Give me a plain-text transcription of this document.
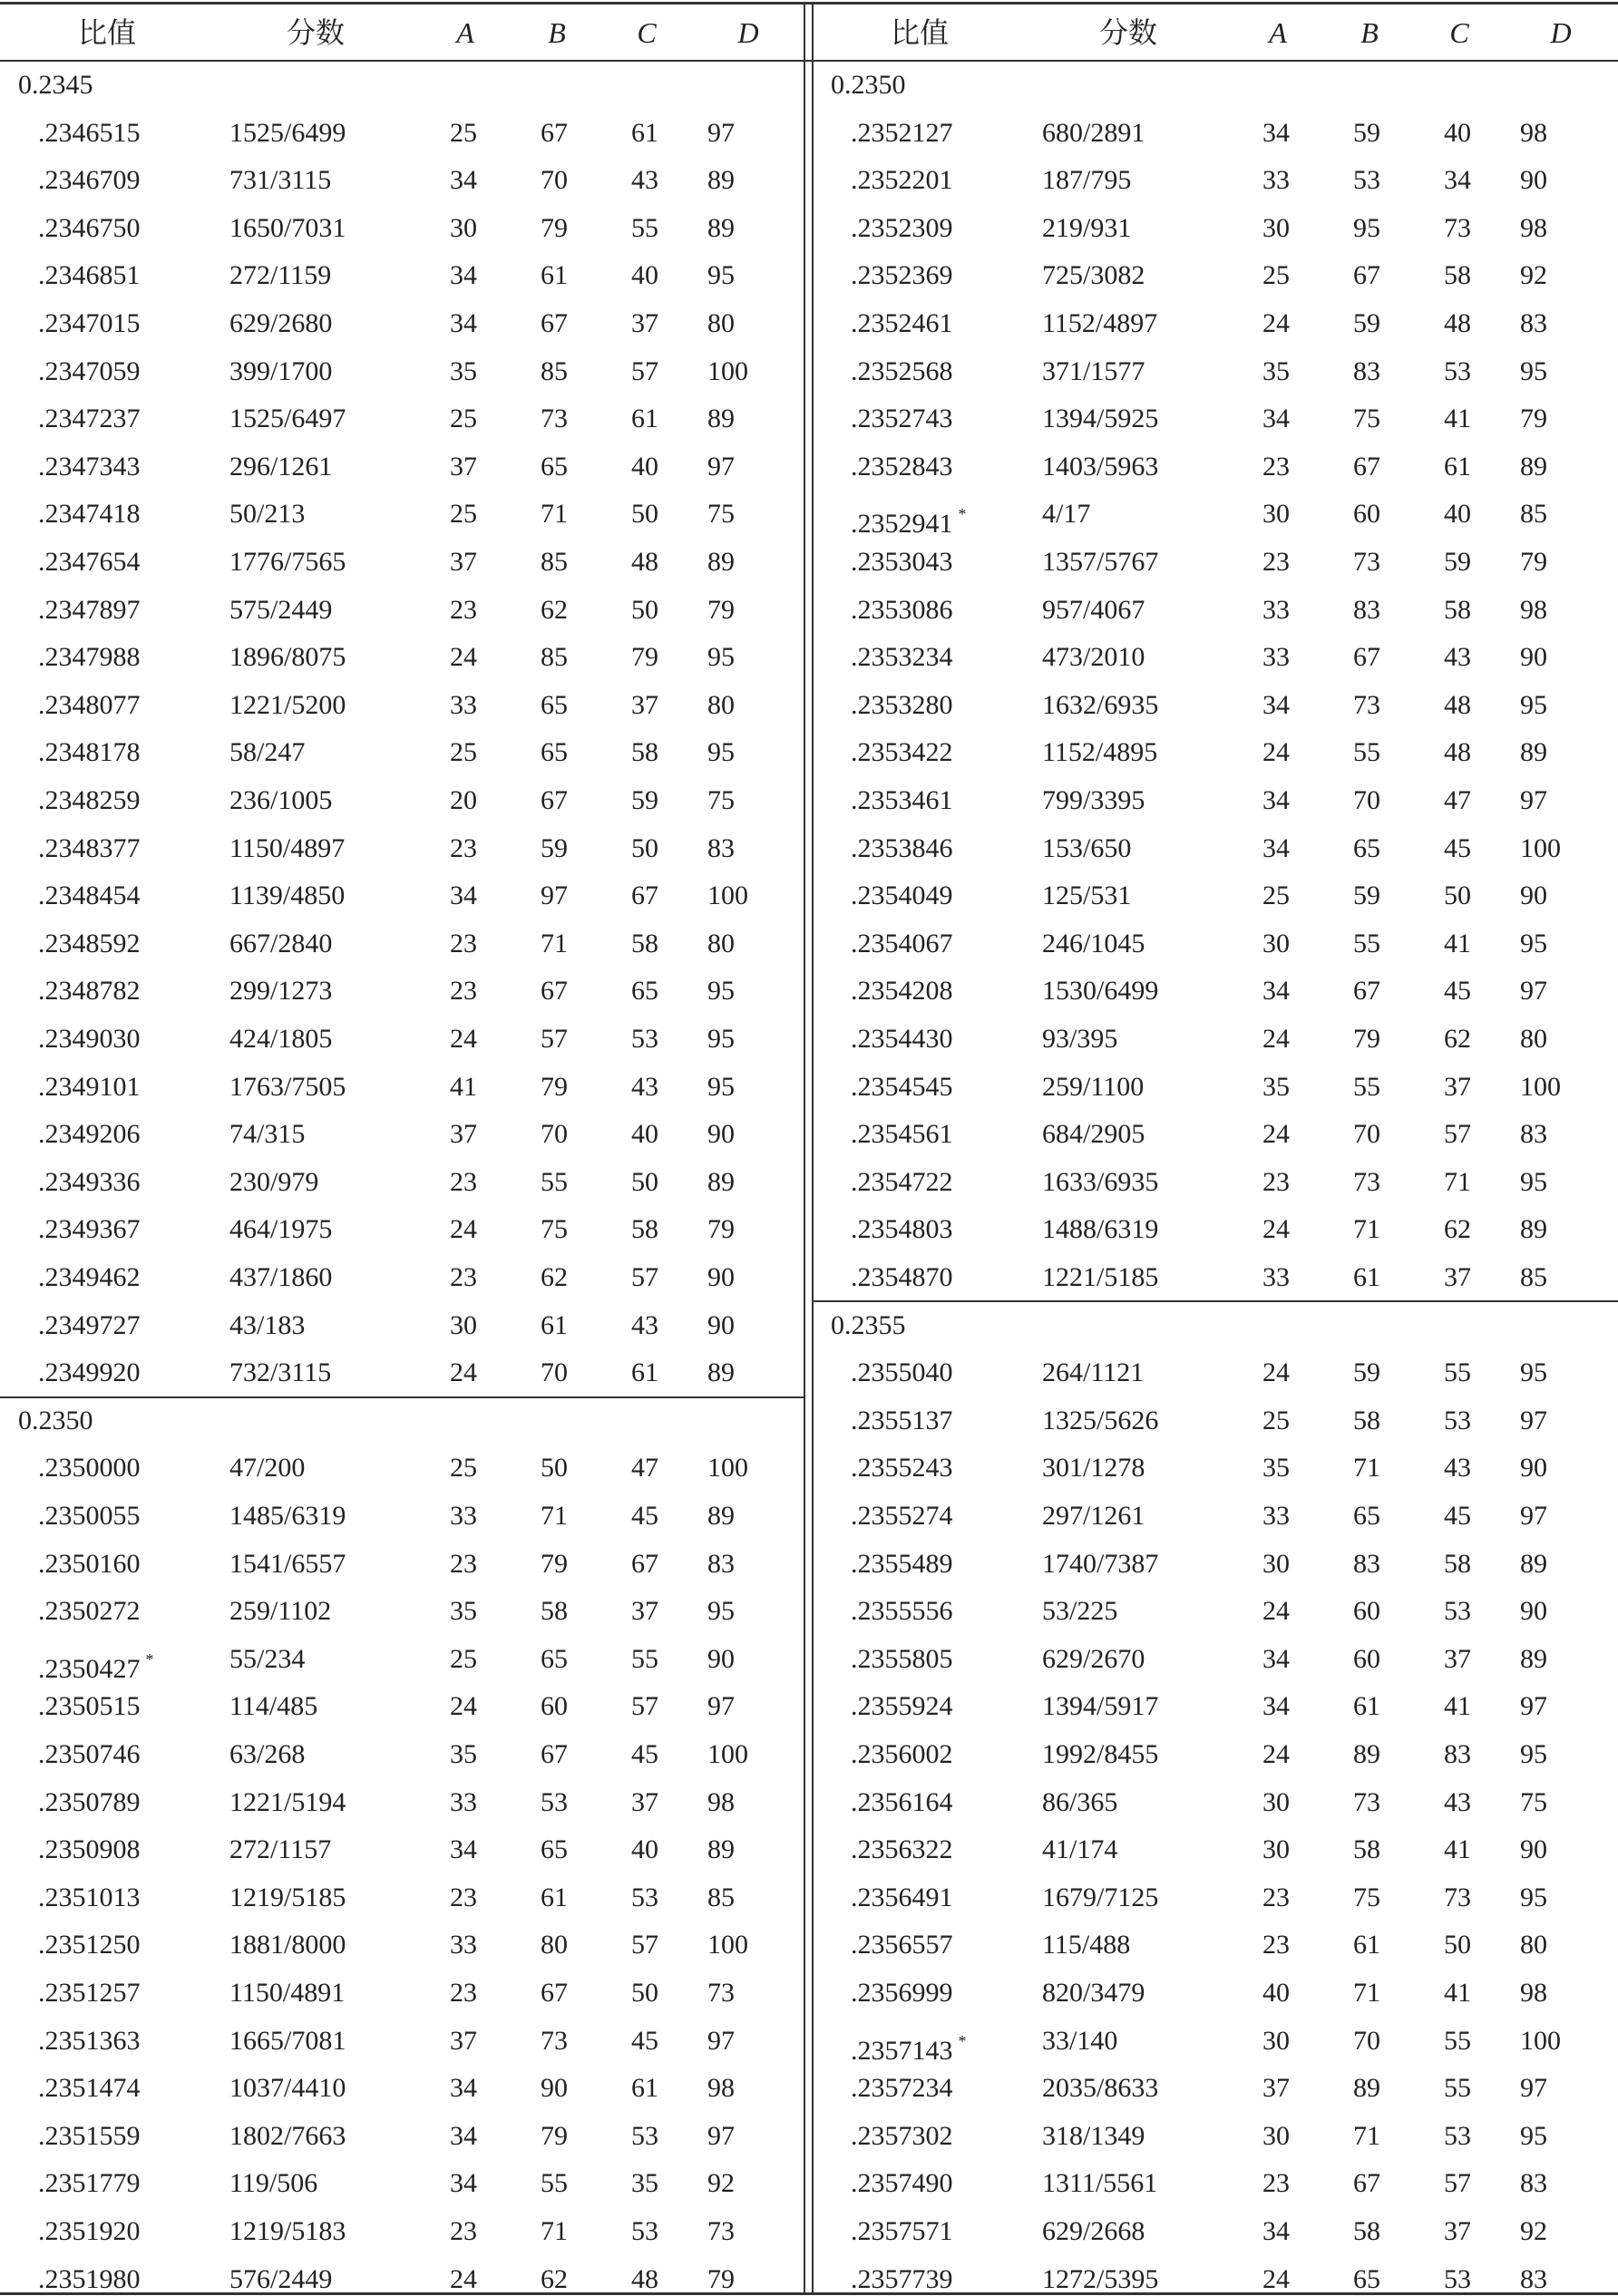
比值	分数	A	B	C	D
0.2345
.2346515	1525/6499	25 67 61 97
.2346709	731/3115	34 70 43 89
.2346750	1650/7031	30 79 55 89
.2346851	272/1159	34 61 40 95
.2347015	629/2680	34 67 37 80
.2347059	399/1700	35 85 57 100
.2347237	1525/6497	25 73 61 89
.2347343	296/1261	37 65 40 97
.2347418	50/213	25 71 50 75
.2347654	1776/7565	37 85 48 89
.2347897	575/2449	23 62 50 79
.2347988	1896/8075	24 85 79 95
.2348077	1221/5200	33 65 37 80
.2348178	58/247	25 65 58 95
.2348259	236/1005	20 67 59 75
.2348377	1150/4897	23 59 50 83
.2348454	1139/4850	34 97 67 100
.2348592	667/2840	23 71 58 80
.2348782	299/1273	23 67 65 95
.2349030	424/1805	24 57 53 95
.2349101	1763/7505	41 79 43 95
.2349206	74/315	37 70 40 90
.2349336	230/979	23 55 50 89
.2349367	464/1975	24 75 58 79
.2349462	437/1860	23 62 57 90
.2349727	43/183	30 61 43 90
.2349920	732/3115	24 70 61 89
0.2350
.2350000	47/200	25 50 47 100
.2350055	1485/6319	33 71 45 89
.2350160	1541/6557	23 79 67 83
.2350272	259/1102	35 58 37 95
.2350427 *	55/234	25 65 55 90
.2350515	114/485	24 60 57 97
.2350746	63/268	35 67 45 100
.2350789	1221/5194	33 53 37 98
.2350908	272/1157	34 65 40 89
.2351013	1219/5185	23 61 53 85
.2351250	1881/8000	33 80 57 100
.2351257	1150/4891	23 67 50 73
.2351363	1665/7081	37 73 45 97
.2351474	1037/4410	34 90 61 98
.2351559	1802/7663	34 79 53 97
.2351779	119/506	34 55 35 92
.2351920	1219/5183	23 71 53 73
.2351980	576/2449	24 62 48 79
比值	分数	A	B	C	D
0.2350
.2352127	680/2891	34 59 40 98
.2352201	187/795	33 53 34 90
.2352309	219/931	30 95 73 98
.2352369	725/3082	25 67 58 92
.2352461	1152/4897	24 59 48 83
.2352568	371/1577	35 83 53 95
.2352743	1394/5925	34 75 41 79
.2352843	1403/5963	23 67 61 89
.2352941 *	4/17	30 60 40 85
.2353043	1357/5767	23 73 59 79
.2353086	957/4067	33 83 58 98
.2353234	473/2010	33 67 43 90
.2353280	1632/6935	34 73 48 95
.2353422	1152/4895	24 55 48 89
.2353461	799/3395	34 70 47 97
.2353846	153/650	34 65 45 100
.2354049	125/531	25 59 50 90
.2354067	246/1045	30 55 41 95
.2354208	1530/6499	34 67 45 97
.2354430	93/395	24 79 62 80
.2354545	259/1100	35 55 37 100
.2354561	684/2905	24 70 57 83
.2354722	1633/6935	23 73 71 95
.2354803	1488/6319	24 71 62 89
.2354870	1221/5185	33 61 37 85
0.2355
.2355040	264/1121	24 59 55 95
.2355137	1325/5626	25 58 53 97
.2355243	301/1278	35 71 43 90
.2355274	297/1261	33 65 45 97
.2355489	1740/7387	30 83 58 89
.2355556	53/225	24 60 53 90
.2355805	629/2670	34 60 37 89
.2355924	1394/5917	34 61 41 97
.2356002	1992/8455	24 89 83 95
.2356164	86/365	30 73 43 75
.2356322	41/174	30 58 41 90
.2356491	1679/7125	23 75 73 95
.2356557	115/488	23 61 50 80
.2356999	820/3479	40 71 41 98
.2357143 *	33/140	30 70 55 100
.2357234	2035/8633	37 89 55 97
.2357302	318/1349	30 71 53 95
.2357490	1311/5561	23 67 57 83
.2357571	629/2668	34 58 37 92
.2357739	1272/5395	24 65 53 83
